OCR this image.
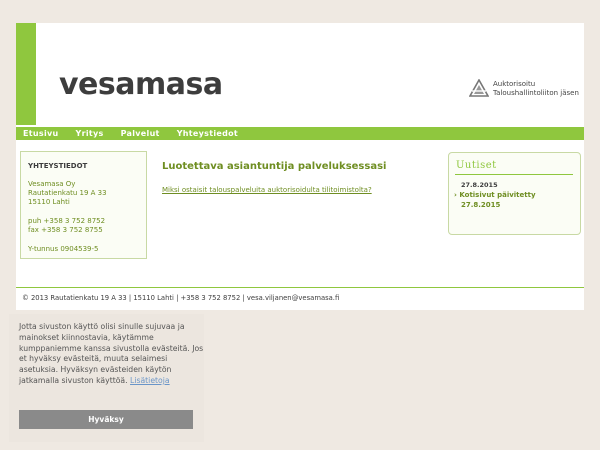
vesamasa	Auktorisoitu
Taloushallintoliiton jäsen
Etusivu Yritys Palvelut Yhteystiedot
YHTEYSTIEDOT
Vesamasa Oy
Rautatienkatu 19 A 33
15110 Lahti
puh +358 3 752 8752
fax +358 3 752 8755
Y-tunnus 0904539-5
Luotettava asiantuntija palveluksessasi
Miksi ostaisit talouspalveluita auktorisoidulta tilitoimistolta?
Uutiset
27.8.2015
› Kotisivut päivitetty
27.8.2015
© 2013 Rautatienkatu 19 A 33 | 15110 Lahti | +358 3 752 8752 | vesa.viljanen@vesamasa.fi
Jotta sivuston käyttö olisi sinulle sujuvaa ja mainokset kiinnostavia, käytämme kumppaniemme kanssa sivustolla evästeitä. Jos et hyväksy evästeitä, muuta selaimesi asetuksia. Hyväksyn evästeiden käytön jatkamalla sivuston käyttöä. Lisätietoja
Hyväksy
